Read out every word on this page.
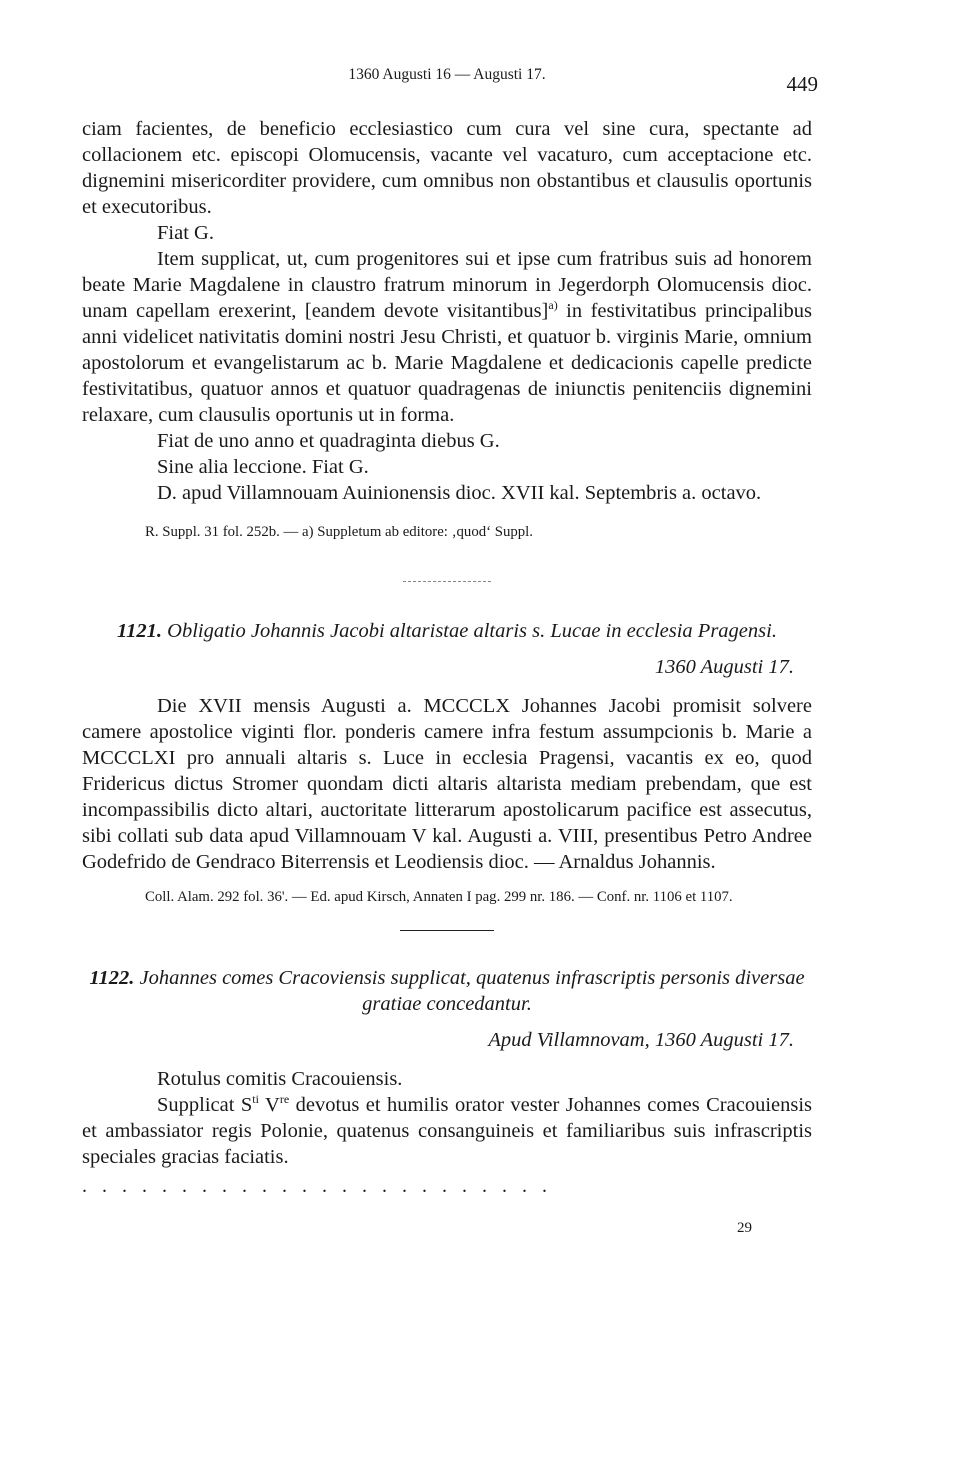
1360 Augusti 16 — Augusti 17.	449

ciam facientes, de beneficio ecclesiastico cum cura vel sine cura, spectante ad collacionem etc. episcopi Olomucensis, vacante vel vacaturo, cum acceptacione etc. dignemini misericorditer providere, cum omnibus non obstantibus et clausulis oportunis et executoribus.

Fiat G.

Item supplicat, ut, cum progenitores sui et ipse cum fratribus suis ad honorem beate Marie Magdalene in claustro fratrum minorum in Jegerdorph Olomucensis dioc. unam capellam erexerint, [eandem devote visitantibus]$^{a)}$ in festivitatibus principalibus anni videlicet nativitatis domini nostri Jesu Christi, et quatuor b. virginis Marie, omnium apostolorum et evangelistarum ac b. Marie Magdalene et dedicacionis capelle predicte festivitatibus, quatuor annos et quatuor quadragenas de iniunctis penitenciis dignemini relaxare, cum clausulis oportunis ut in forma.

Fiat de uno anno et quadraginta diebus G.

Sine alia leccione. Fiat G.

D. apud Villamnouam Auinionensis dioc. XVII kal. Septembris a. octavo.

R. Suppl. 31 fol. 252b. — a) Suppletum ab editore: ‚quod‘ Suppl.

1121. Obligatio Johannis Jacobi altaristae altaris s. Lucae in ecclesia Pragensi.
1360 Augusti 17.

Die XVII mensis Augusti a. MCCCLX Johannes Jacobi promisit solvere camere apostolice viginti flor. ponderis camere infra festum assumpcionis b. Marie a MCCCLXI pro annuali altaris s. Luce in ecclesia Pragensi, vacantis ex eo, quod Fridericus dictus Stromer quondam dicti altaris altarista mediam prebendam, que est incompassibilis dicto altari, auctoritate litterarum apostolicarum pacifice est assecutus, sibi collati sub data apud Villamnouam V kal. Augusti a. VIII, presentibus Petro Andree Godefrido de Gendraco Biterrensis et Leodiensis dioc. — Arnaldus Johannis.

Coll. Alam. 292 fol. 36'. — Ed. apud Kirsch, Annaten I pag. 299 nr. 186. — Conf. nr. 1106 et 1107.

1122. Johannes comes Cracoviensis supplicat, quatenus infrascriptis personis diversae gratiae concedantur.
Apud Villamnovam, 1360 Augusti 17.

Rotulus comitis Cracouiensis.

Supplicat $S^{ti}$ Vre devotus et humilis orator vester Johannes comes Cracouiensis et ambassiator regis Polonie, quatenus consanguineis et familiaribus suis infrascriptis speciales gracias faciatis.

........................
29
